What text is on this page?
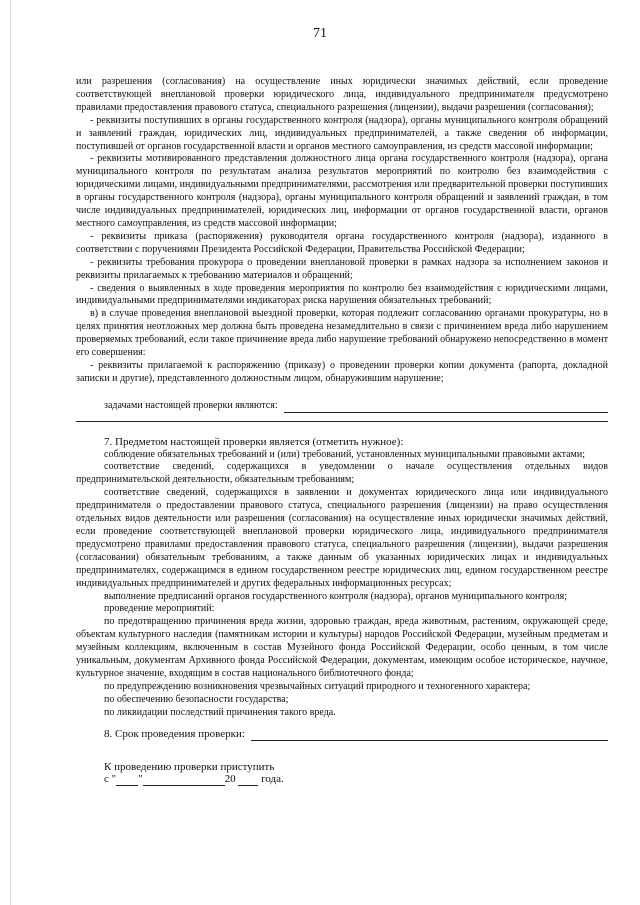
71

или разрешения (согласования) на осуществление иных юридически значимых действий, если проведение соответствующей внеплановой проверки юридического лица, индивидуального предпринимателя предусмотрено правилами предоставления правового статуса, специального разрешения (лицензии), выдачи разрешения (согласования);

- реквизиты поступивших в органы государственного контроля (надзора), органы муниципального контроля обращений и заявлений граждан, юридических лиц, индивидуальных предпринимателей, а также сведения об информации, поступившей от органов государственной власти и органов местного самоуправления, из средств массовой информации;

- реквизиты мотивированного представления должностного лица органа государственного контроля (надзора), органа муниципального контроля по результатам анализа результатов мероприятий по контролю без взаимодействия с юридическими лицами, индивидуальными предпринимателями, рассмотрения или предварительной проверки поступивших в органы государственного контроля (надзора), органы муниципального контроля обращений и заявлений граждан, в том числе индивидуальных предпринимателей, юридических лиц, информации от органов государственной власти, органов местного самоуправления, из средств массовой информации;

- реквизиты приказа (распоряжения) руководителя органа государственного контроля (надзора), изданного в соответствии с поручениями Президента Российской Федерации, Правительства Российской Федерации;

- реквизиты требования прокурора о проведении внеплановой проверки в рамках надзора за исполнением законов и реквизиты прилагаемых к требованию материалов и обращений;

- сведения о выявленных в ходе проведения мероприятия по контролю без взаимодействия с юридическими лицами, индивидуальными предпринимателями индикаторах риска нарушения обязательных требований;

в) в случае проведения внеплановой выездной проверки, которая подлежит согласованию органами прокуратуры, но в целях принятия неотложных мер должна быть проведена незамедлительно в связи с причинением вреда либо нарушением проверяемых требований, если такое причинение вреда либо нарушение требований обнаружено непосредственно в момент его совершения:

- реквизиты прилагаемой к распоряжению (приказу) о проведении проверки копии документа (рапорта, докладной записки и другие), представленного должностным лицом, обнаружившим нарушение;

задачами настоящей проверки являются:

7. Предметом настоящей проверки является (отметить нужное):

соблюдение обязательных требований и (или) требований, установленных муниципальными правовыми актами;

соответствие сведений, содержащихся в уведомлении о начале осуществления отдельных видов предпринимательской деятельности, обязательным требованиям;

соответствие сведений, содержащихся в заявлении и документах юридического лица или индивидуального предпринимателя о предоставлении правового статуса, специального разрешения (лицензии) на право осуществления отдельных видов деятельности или разрешения (согласования) на осуществление иных юридически значимых действий, если проведение соответствующей внеплановой проверки юридического лица, индивидуального предпринимателя предусмотрено правилами предоставления правового статуса, специального разрешения (лицензии), выдачи разрешения (согласования) обязательным требованиям, а также данным об указанных юридических лицах и индивидуальных предпринимателях, содержащимся в едином государственном реестре юридических лиц, едином государственном реестре индивидуальных предпринимателей и других федеральных информационных ресурсах;

выполнение предписаний органов государственного контроля (надзора), органов муниципального контроля;

проведение мероприятий:

по предотвращению причинения вреда жизни, здоровью граждан, вреда животным, растениям, окружающей среде, объектам культурного наследия (памятникам истории и культуры) народов Российской Федерации, музейным предметам и музейным коллекциям, включенным в состав Музейного фонда Российской Федерации, особо ценным, в том числе уникальным, документам Архивного фонда Российской Федерации, документам, имеющим особое историческое, научное, культурное значение, входящим в состав национального библиотечного фонда;

по предупреждению возникновения чрезвычайных ситуаций природного и техногенного характера;

по обеспечению безопасности государства;

по ликвидации последствий причинения такого вреда.

8. Срок проведения проверки:

К проведению проверки приступить

с " "	20 года.
